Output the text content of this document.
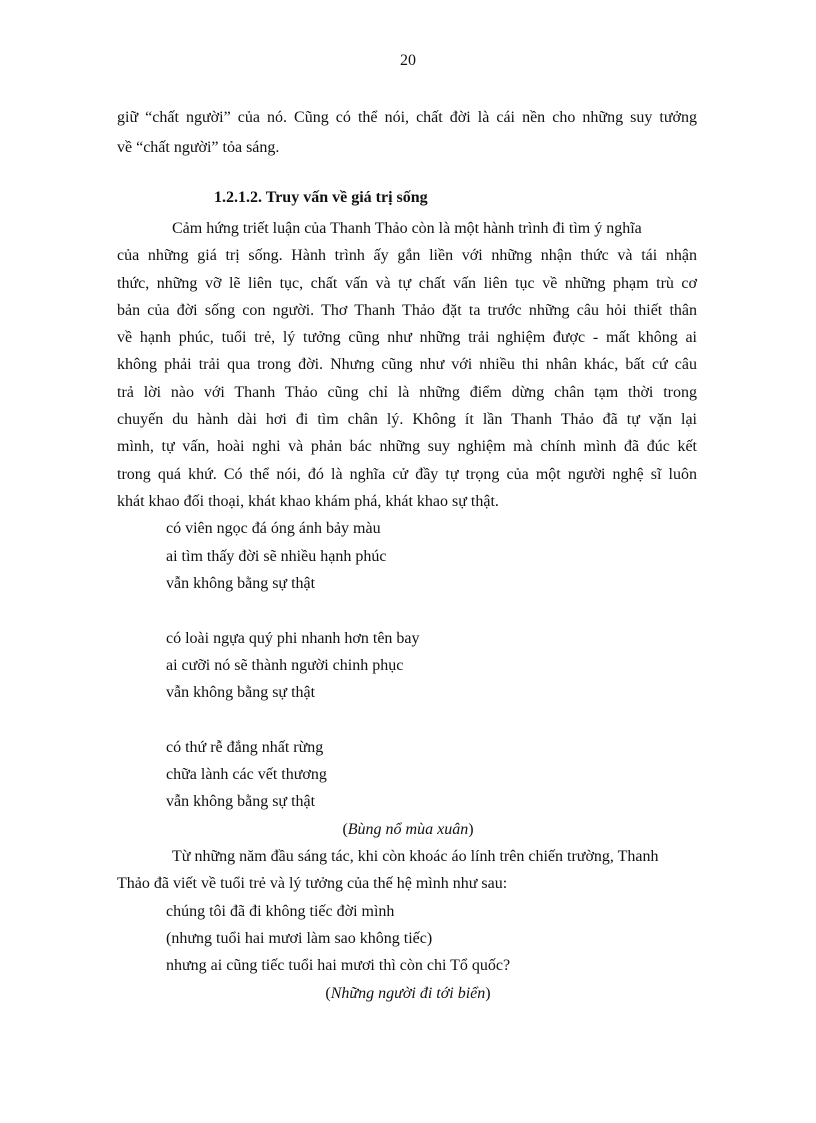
20
giữ “chất người” của nó. Cũng có thể nói, chất đời là cái nền cho những suy tưởng
về “chất người” tỏa sáng.
1.2.1.2. Truy vấn về giá trị sống
Cảm hứng triết luận của Thanh Thảo còn là một hành trình đi tìm ý nghĩa
của những giá trị sống. Hành trình ấy gắn liền với những nhận thức và tái nhận
thức, những vỡ lẽ liên tục, chất vấn và tự chất vấn liên tục về những phạm trù cơ
bản của đời sống con người. Thơ Thanh Thảo đặt ta trước những câu hỏi thiết thân
về hạnh phúc, tuổi trẻ, lý tưởng cũng như những trải nghiệm được - mất không ai
không phải trải qua trong đời. Nhưng cũng như với nhiều thi nhân khác, bất cứ câu
trả lời nào với Thanh Thảo cũng chỉ là những điểm dừng chân tạm thời trong
chuyến du hành dài hơi đi tìm chân lý. Không ít lần Thanh Thảo đã tự vặn lại
mình, tự vấn, hoài nghi và phản bác những suy nghiệm mà chính mình đã đúc kết
trong quá khứ. Có thể nói, đó là nghĩa cử đầy tự trọng của một người nghệ sĩ luôn
khát khao đối thoại, khát khao khám phá, khát khao sự thật.
có viên ngọc đá óng ánh bảy màu
ai tìm thấy đời sẽ nhiều hạnh phúc
vẫn không bằng sự thật
có loài ngựa quý phi nhanh hơn tên bay
ai cưỡi nó sẽ thành người chinh phục
vẫn không bằng sự thật
có thứ rễ đắng nhất rừng
chữa lành các vết thương
vẫn không bằng sự thật
(Bùng nổ mùa xuân)
Từ những năm đầu sáng tác, khi còn khoác áo lính trên chiến trường, Thanh
Thảo đã viết về tuổi trẻ và lý tưởng của thế hệ mình như sau:
chúng tôi đã đi không tiếc đời mình
(nhưng tuổi hai mươi làm sao không tiếc)
nhưng ai cũng tiếc tuổi hai mươi thì còn chi Tổ quốc?
(Những người đi tới biển)
